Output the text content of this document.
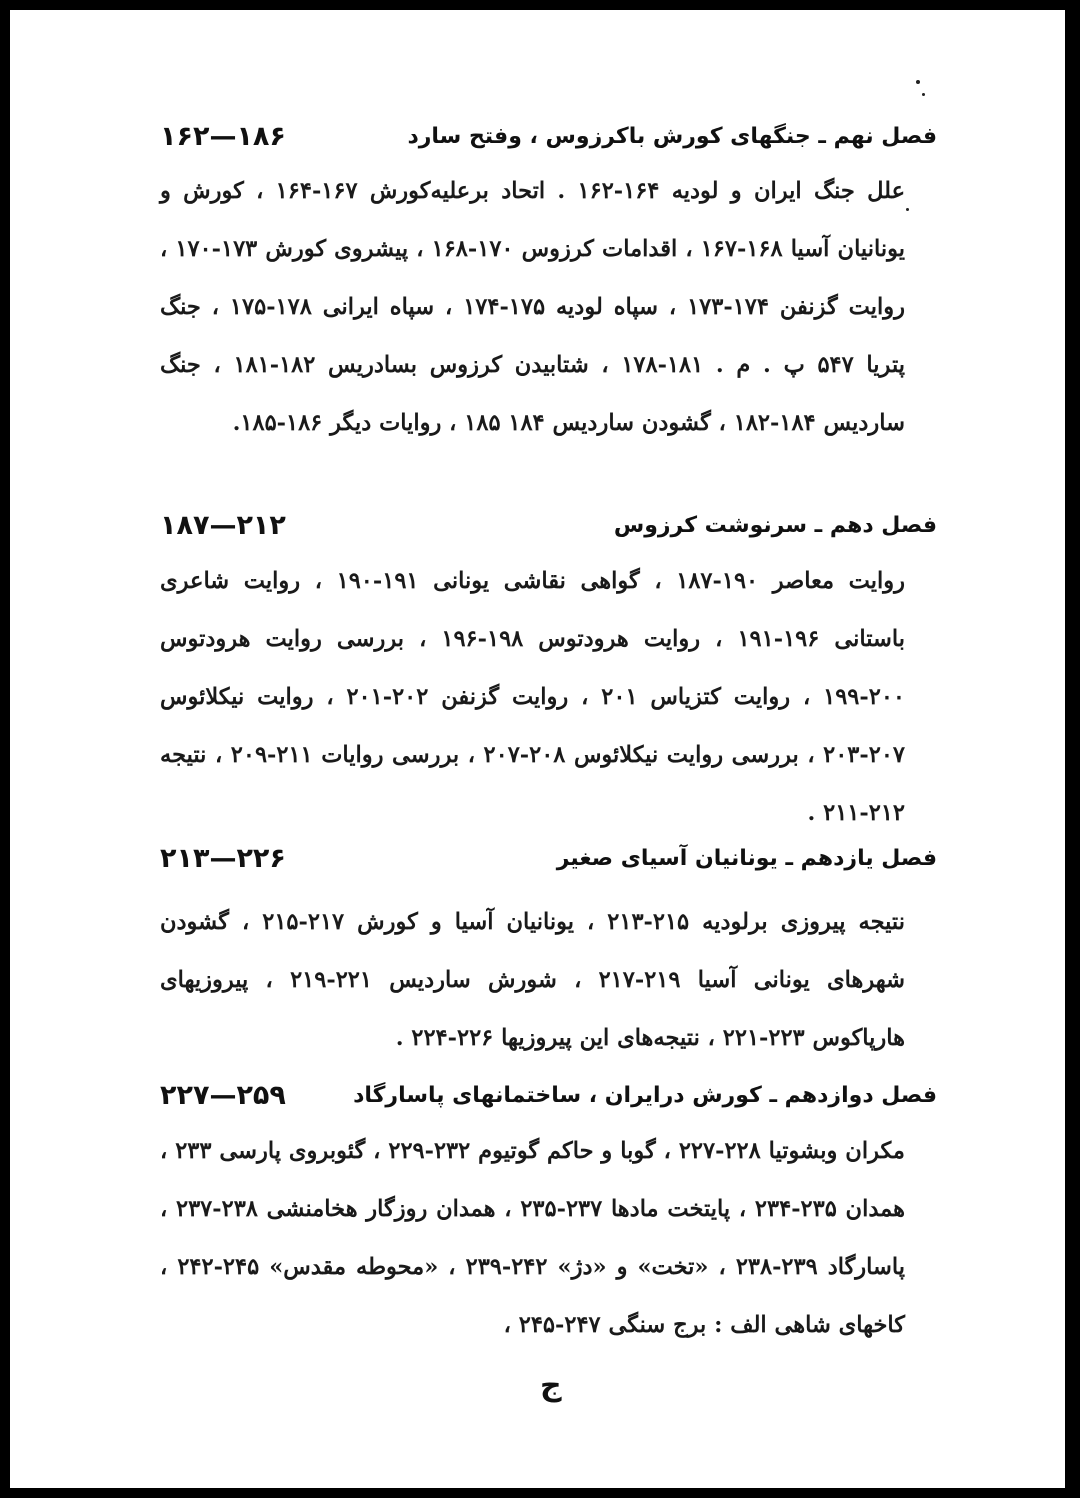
۱۶۲—۱۸۶	فصل نهم ـ جنگهای کورش باکرزوس ، وفتح سارد
علل جنگ ایران و لودیه ۱۶۴-۱۶۲ . اتحاد برعلیه‌کورش ۱۶۷-۱۶۴ ، کورش و یونانیان آسیا ۱۶۸-۱۶۷ ، اقدامات کرزوس ۱۷۰-۱۶۸ ، پیشروی کورش ۱۷۳-۱۷۰ ، روایت گزنفن ۱۷۴-۱۷۳ ، سپاه لودیه ۱۷۵-۱۷۴ ، سپاه ایرانی ۱۷۸-۱۷۵ ، جنگ پتریا ۵۴۷ پ . م . ۱۸۱-۱۷۸ ، شتابیدن کرزوس بسادریس ۱۸۲-۱۸۱ ، جنگ ساردیس ۱۸۴-۱۸۲ ، گشودن ساردیس ۱۸۴ ۱۸۵ ، روایات دیگر ۱۸۶-۱۸۵.
۱۸۷—۲۱۲	فصل دهم ـ سرنوشت کرزوس
روایت معاصر ۱۹۰-۱۸۷ ، گواهی نقاشی یونانی ۱۹۱-۱۹۰ ، روایت شاعری باستانی ۱۹۶-۱۹۱ ، روایت هرودتوس ۱۹۸-۱۹۶ ، بررسی روایت هرودتوس ۲۰۰-۱۹۹ ، روایت کتزیاس ۲۰۱ ، روایت گزنفن ۲۰۲-۲۰۱ ، روایت نیکلائوس ۲۰۷-۲۰۳ ، بررسی روایت نیکلائوس ۲۰۸-۲۰۷ ، بررسی روایات ۲۱۱-۲۰۹ ، نتیجه ۲۱۲-۲۱۱ .
۲۱۳—۲۲۶	فصل یازدهم ـ یونانیان آسیای صغیر
نتیجه پیروزی برلودیه ۲۱۵-۲۱۳ ، یونانیان آسیا و کورش ۲۱۷-۲۱۵ ، گشودن شهرهای یونانی آسیا ۲۱۹-۲۱۷ ، شورش ساردیس ۲۲۱-۲۱۹ ، پیروزیهای هارپاکوس ۲۲۳-۲۲۱ ، نتیجه‌های این پیروزیها ۲۲۶-۲۲۴ .
۲۲۷—۲۵۹	فصل دوازدهم ـ کورش درایران ، ساختمانهای پاسارگاد
مکران وبشوتیا ۲۲۸-۲۲۷ ، گوبا و حاکم گوتیوم ۲۳۲-۲۲۹ ، گئوبروی پارسی ۲۳۳ ، همدان ۲۳۵-۲۳۴ ، پایتخت مادها ۲۳۷-۲۳۵ ، همدان روزگار هخامنشی ۲۳۸-۲۳۷ ، پاسارگاد ۲۳۹-۲۳۸ ، «تخت» و «دژ» ۲۴۲-۲۳۹ ، «محوطه مقدس» ۲۴۵-۲۴۲ ، کاخهای شاهی الف : برج سنگی ۲۴۷-۲۴۵ ،
ج
